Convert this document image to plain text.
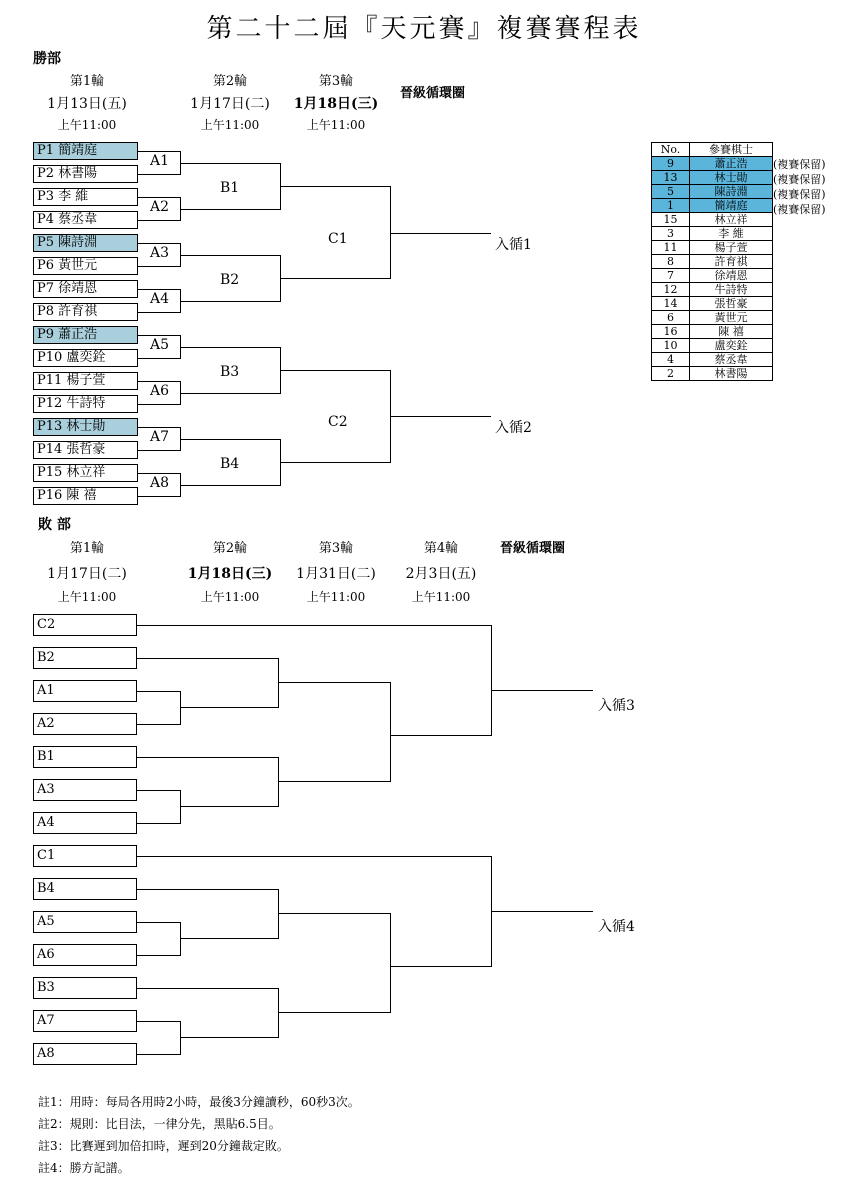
第二十二屆『天元賽』複賽賽程表
勝部
第1輪	第2輪	第3輪
晉級循環圈
1月13日(五)	1月17日(二)	1月18日(三)
上午11:00	上午11:00	上午11:00
P1 簡靖庭
P2 林書陽
P3 李 維
P4 蔡丞韋
P5 陳詩淵
P6 黃世元
P7 徐靖恩
P8 許育祺
P9 蕭正浩
P10 盧奕銓
P11 楊子萱
P12 牛詩特
P13 林士勛
P14 張哲豪
P15 林立祥
P16 陳 禧
A1
A2
A3
A4
A5
A6
A7
A8
B1
B2
B3
B4
C1
C2
入循1
入循2
No.	參賽棋士
9	蕭正浩
13	林士勛
5	陳詩淵
1	簡靖庭
15	林立祥
3	李 維
11	楊子萱
8	許育祺
7	徐靖恩
12	牛詩特
14	張哲豪
6	黃世元
16	陳 禧
10	盧奕銓
4	蔡丞韋
2	林書陽
(複賽保留)
(複賽保留)
(複賽保留)
(複賽保留)
敗 部
第1輪	第2輪	第3輪	第4輪	晉級循環圈
1月17日(二)	1月18日(三)	1月31日(二)	2月3日(五)
上午11:00	上午11:00	上午11:00	上午11:00
C2
B2
A1
A2
B1
A3
A4
C1
B4
A5
A6
B3
A7
A8
入循3
入循4
註1：用時：每局各用時2小時，最後3分鐘讀秒，60秒3次。
註2：規則：比目法，一律分先，黑貼6.5目。
註3：比賽遲到加倍扣時，遲到20分鐘裁定敗。
註4：勝方記譜。
